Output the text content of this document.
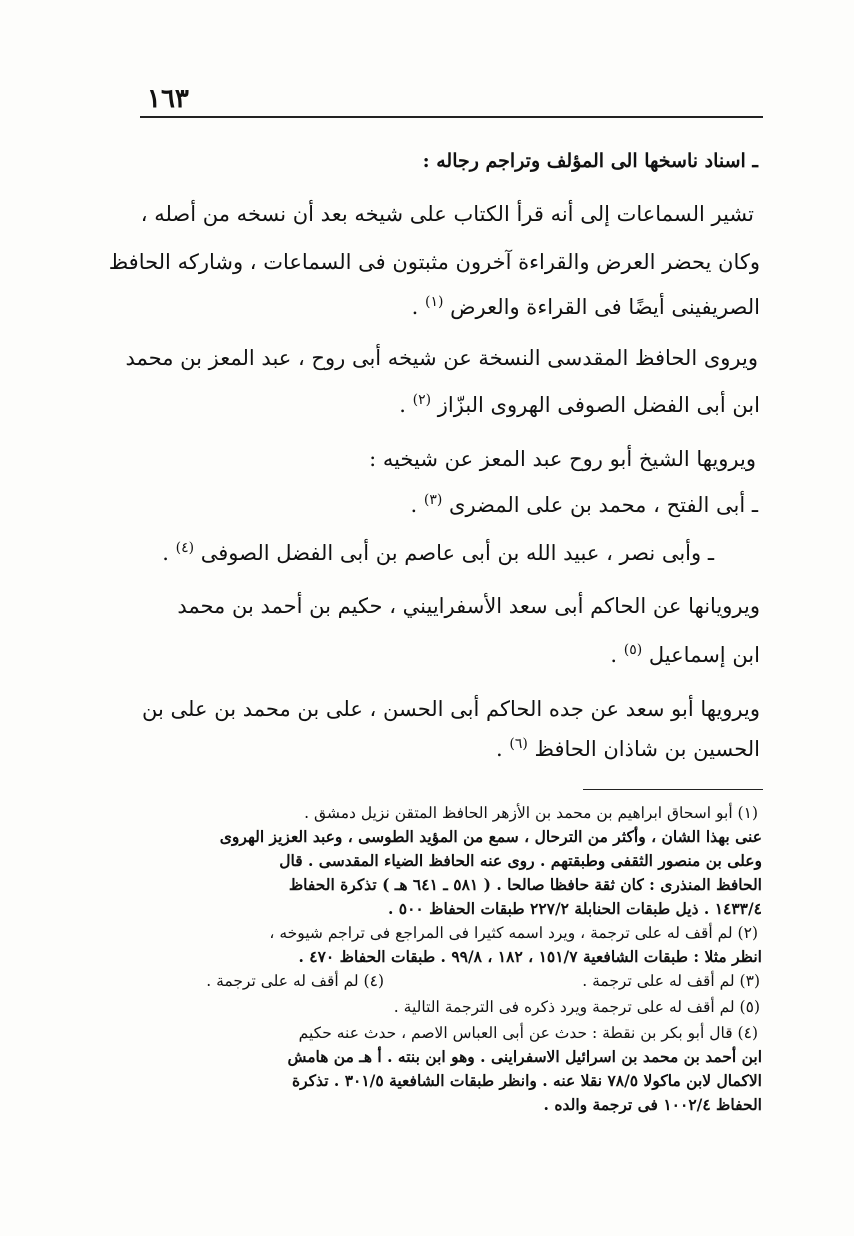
١٦٣
ـ اسناد ناسخها الى المؤلف وتراجم رجاله :
تشير السماعات إلى أنه قرأ الكتاب على شيخه بعد أن نسخه من أصله ،
وكان يحضر العرض والقراءة آخرون مثبتون فى السماعات ، وشاركه الحافظ
الصريفينى أيضًا فى القراءة والعرض $^{(١)}$ .
ويروى الحافظ المقدسى النسخة عن شيخه أبى روح ، عبد المعز بن محمد
ابن أبى الفضل الصوفى الهروى البزّاز $^{(٢)}$ .
ويرويها الشيخ أبو روح عبد المعز عن شيخيه :
ـ أبى الفتح ، محمد بن على المضرى $^{(٣)}$ .
ـ وأبى نصر ، عبيد الله بن أبى عاصم بن أبى الفضل الصوفى $^{(٤)}$ .
ويرويانها عن الحاكم أبى سعد الأسفراييني ، حكيم بن أحمد بن محمد
ابن إسماعيل $^{(٥)}$ .
ويرويها أبو سعد عن جده الحاكم أبى الحسن ، على بن محمد بن على بن
الحسين بن شاذان الحافظ $^{(٦)}$ .
(١) أبو اسحاق ابراهيم بن محمد بن الأزهر الحافظ المتقن نزيل دمشق .
عنى بهذا الشان ، وأكثر من الترحال ، سمع من المؤيد الطوسى ، وعبد العزيز الهروى
وعلى بن منصور الثقفى وطبقتهم . روى عنه الحافظ الضياء المقدسى . قال
الحافظ المنذرى : كان ثقة حافظا صالحا . ( ٥٨١ ـ ٦٤١ هـ ) تذكرة الحفاظ
١٤٣٣/٤ . ذيل طبقات الحنابلة ٢٢٧/٢ طبقات الحفاظ ٥٠٠ .
(٢) لم أقف له على ترجمة ، ويرد اسمه كثيرا فى المراجع فى تراجم شيوخه ،
انظر مثلا : طبقات الشافعية ١٥١/٧ ، ١٨٢ ، ٩٩/٨ . طبقات الحفاظ ٤٧٠ .
(٣) لم أقف له على ترجمة .
(٤) لم أقف له على ترجمة .
(٥) لم أقف له على ترجمة ويرد ذكره فى الترجمة التالية .
(٤) قال أبو بكر بن نقطة : حدث عن أبى العباس الاصم ، حدث عنه حكيم
ابن أحمد بن محمد بن اسرائيل الاسفراينى . وهو ابن بنته . أ هـ من هامش
الاكمال لابن ماكولا ٧٨/٥ نقلا عنه . وانظر طبقات الشافعية ٣٠١/٥ . تذكرة
الحفاظ ١٠٠٢/٤ فى ترجمة والده .
